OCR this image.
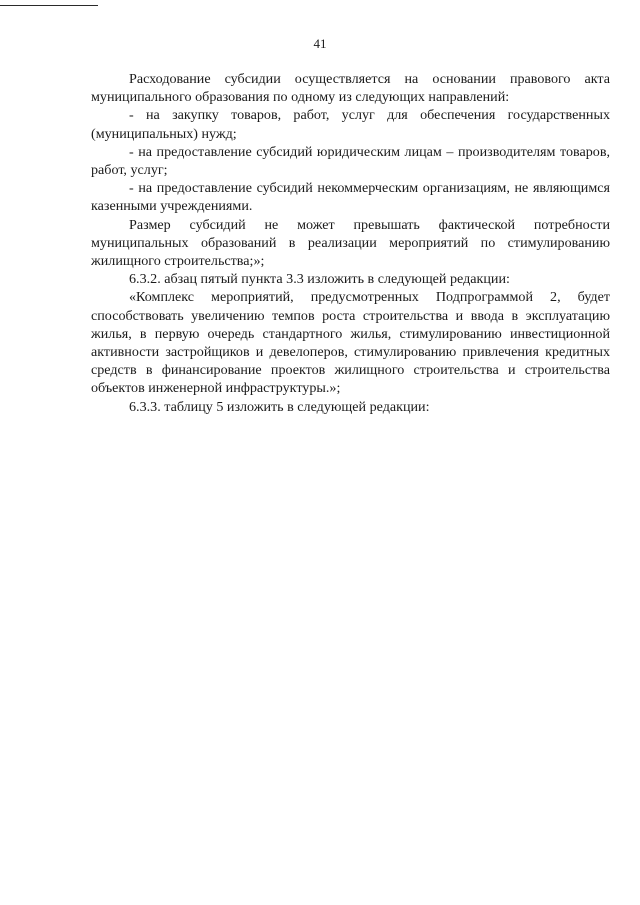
41

Расходование субсидии осуществляется на основании правового акта муниципального образования по одному из следующих направлений:

- на закупку товаров, работ, услуг для обеспечения государственных (муниципальных) нужд;

- на предоставление субсидий юридическим лицам – производителям товаров, работ, услуг;

- на предоставление субсидий некоммерческим организациям, не являющимся казенными учреждениями.

Размер субсидий не может превышать фактической потребности муниципальных образований в реализации мероприятий по стимулированию жилищного строительства;»;

6.3.2. абзац пятый пункта 3.3 изложить в следующей редакции:

«Комплекс мероприятий, предусмотренных Подпрограммой 2, будет способствовать увеличению темпов роста строительства и ввода в эксплуатацию жилья, в первую очередь стандартного жилья, стимулированию инвестиционной активности застройщиков и девелоперов, стимулированию привлечения кредитных средств в финансирование проектов жилищного строительства и строительства объектов инженерной инфраструктуры.»;

6.3.3. таблицу 5 изложить в следующей редакции:
